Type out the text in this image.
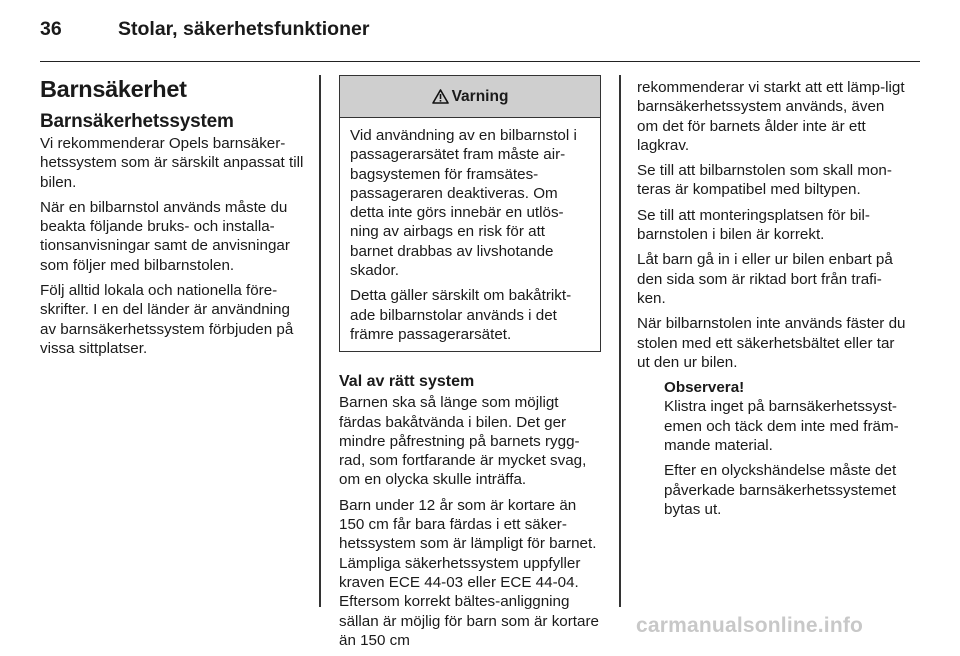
36	Stolar, säkerhetsfunktioner
Barnsäkerhet
Barnsäkerhetssystem

Vi rekommenderar Opels barnsäker-hetssystem som är särskilt anpassat till bilen.

När en bilbarnstol används måste du beakta följande bruks- och installa-tionsanvisningar samt de anvisningar som följer med bilbarnstolen.

Följ alltid lokala och nationella före-skrifter. I en del länder är användning av barnsäkerhetssystem förbjuden på vissa sittplatser.

Varning

Vid användning av en bilbarnstol i passagerarsätet fram måste air-bagsystemen för framsätes-passageraren deaktiveras. Om detta inte görs innebär en utlös-ning av airbags en risk för att barnet drabbas av livshotande skador.

Detta gäller särskilt om bakåtrikt-ade bilbarnstolar används i det främre passagerarsätet.

Val av rätt system

Barnen ska så länge som möjligt färdas bakåtvända i bilen. Det ger mindre påfrestning på barnets rygg-rad, som fortfarande är mycket svag, om en olycka skulle inträffa.

Barn under 12 år som är kortare än 150 cm får bara färdas i ett säker-hetssystem som är lämpligt för barnet. Lämpliga säkerhetssystem uppfyller kraven ECE 44-03 eller ECE 44-04. Eftersom korrekt bältes-anliggning sällan är möjlig för barn som är kortare än 150 cm

rekommenderar vi starkt att ett lämp-ligt barnsäkerhetssystem används, även om det för barnets ålder inte är ett lagkrav.

Se till att bilbarnstolen som skall mon-teras är kompatibel med biltypen.

Se till att monteringsplatsen för bil-barnstolen i bilen är korrekt.

Låt barn gå in i eller ur bilen enbart på den sida som är riktad bort från trafi-ken.

När bilbarnstolen inte används fäster du stolen med ett säkerhetsbältet eller tar ut den ur bilen.

Observera!

Klistra inget på barnsäkerhetssyst-emen och täck dem inte med främ-mande material.

Efter en olyckshändelse måste det påverkade barnsäkerhetssystemet bytas ut.

carmanualsonline.info
